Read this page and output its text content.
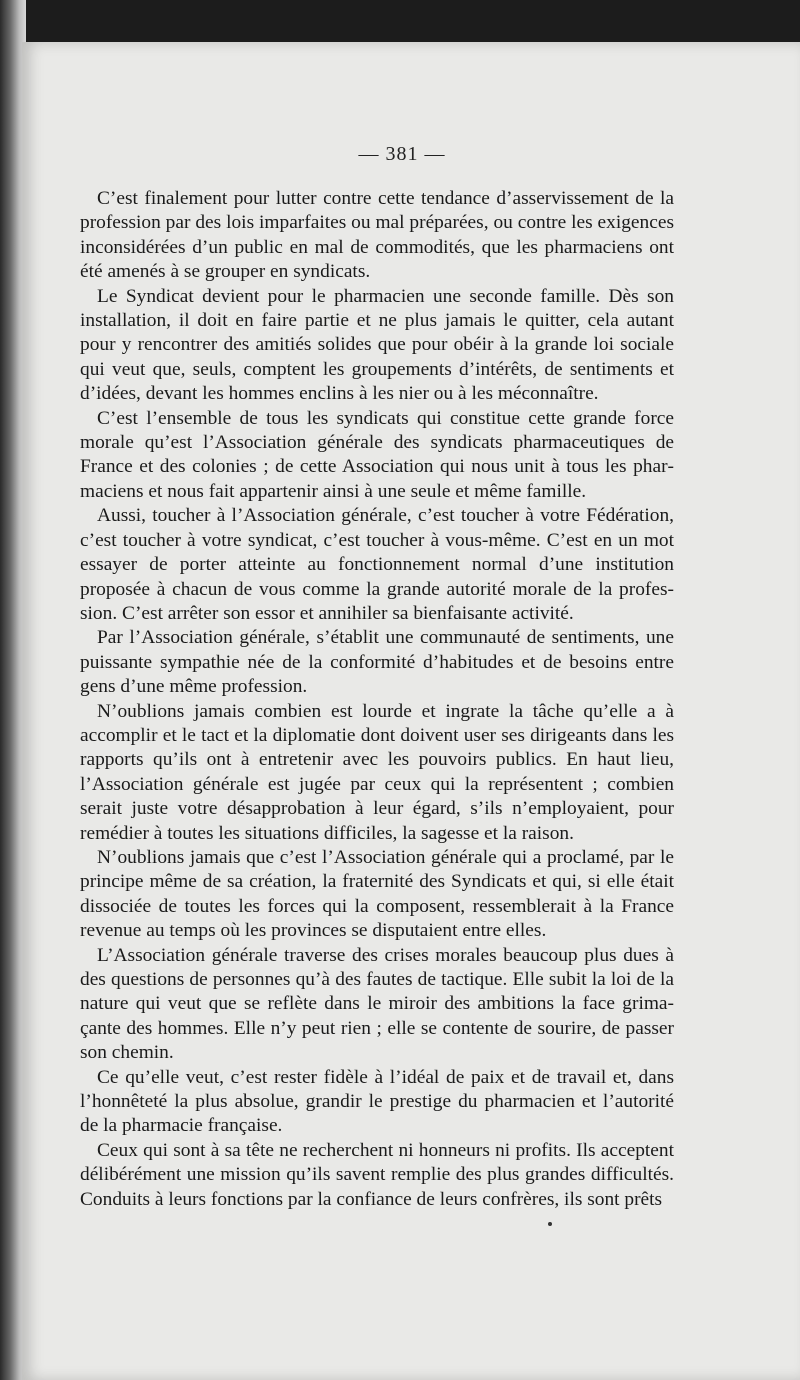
— 381 —

C’est finalement pour lutter contre cette tendance d’asservissement de la profession par des lois imparfaites ou mal préparées, ou contre les exigences inconsidérées d’un public en mal de commodités, que les pharmaciens ont été amenés à se grouper en syndicats.

Le Syndicat devient pour le pharmacien une seconde famille. Dès son installation, il doit en faire partie et ne plus jamais le quitter, cela autant pour y rencontrer des amitiés solides que pour obéir à la grande loi sociale qui veut que, seuls, comptent les groupements d’intérêts, de sentiments et d’idées, devant les hommes enclins à les nier ou à les méconnaître.

C’est l’ensemble de tous les syndicats qui constitue cette grande force morale qu’est l’Association générale des syndicats pharmaceutiques de France et des colonies ; de cette Association qui nous unit à tous les pharmaciens et nous fait appartenir ainsi à une seule et même famille.

Aussi, toucher à l’Association générale, c’est toucher à votre Fédération, c’est toucher à votre syndicat, c’est toucher à vous-même. C’est en un mot essayer de porter atteinte au fonctionnement normal d’une institution proposée à chacun de vous comme la grande autorité morale de la profession. C’est arrêter son essor et annihiler sa bienfaisante activité.

Par l’Association générale, s’établit une communauté de sentiments, une puissante sympathie née de la conformité d’habitudes et de besoins entre gens d’une même profession.

N’oublions jamais combien est lourde et ingrate la tâche qu’elle a à accomplir et le tact et la diplomatie dont doivent user ses dirigeants dans les rapports qu’ils ont à entretenir avec les pouvoirs publics. En haut lieu, l’Association générale est jugée par ceux qui la représentent ; combien serait juste votre désapprobation à leur égard, s’ils n’employaient, pour remédier à toutes les situations difficiles, la sagesse et la raison.

N’oublions jamais que c’est l’Association générale qui a proclamé, par le principe même de sa création, la fraternité des Syndicats et qui, si elle était dissociée de toutes les forces qui la composent, ressemblerait à la France revenue au temps où les provinces se disputaient entre elles.

L’Association générale traverse des crises morales beaucoup plus dues à des questions de personnes qu’à des fautes de tactique. Elle subit la loi de la nature qui veut que se reflète dans le miroir des ambitions la face grimaçante des hommes. Elle n’y peut rien ; elle se contente de sourire, de passer son chemin.

Ce qu’elle veut, c’est rester fidèle à l’idéal de paix et de travail et, dans l’honnêteté la plus absolue, grandir le prestige du pharmacien et l’autorité de la pharmacie française.

Ceux qui sont à sa tête ne recherchent ni honneurs ni profits. Ils acceptent délibérément une mission qu’ils savent remplie des plus grandes difficultés. Conduits à leurs fonctions par la confiance de leurs confrères, ils sont prêts
